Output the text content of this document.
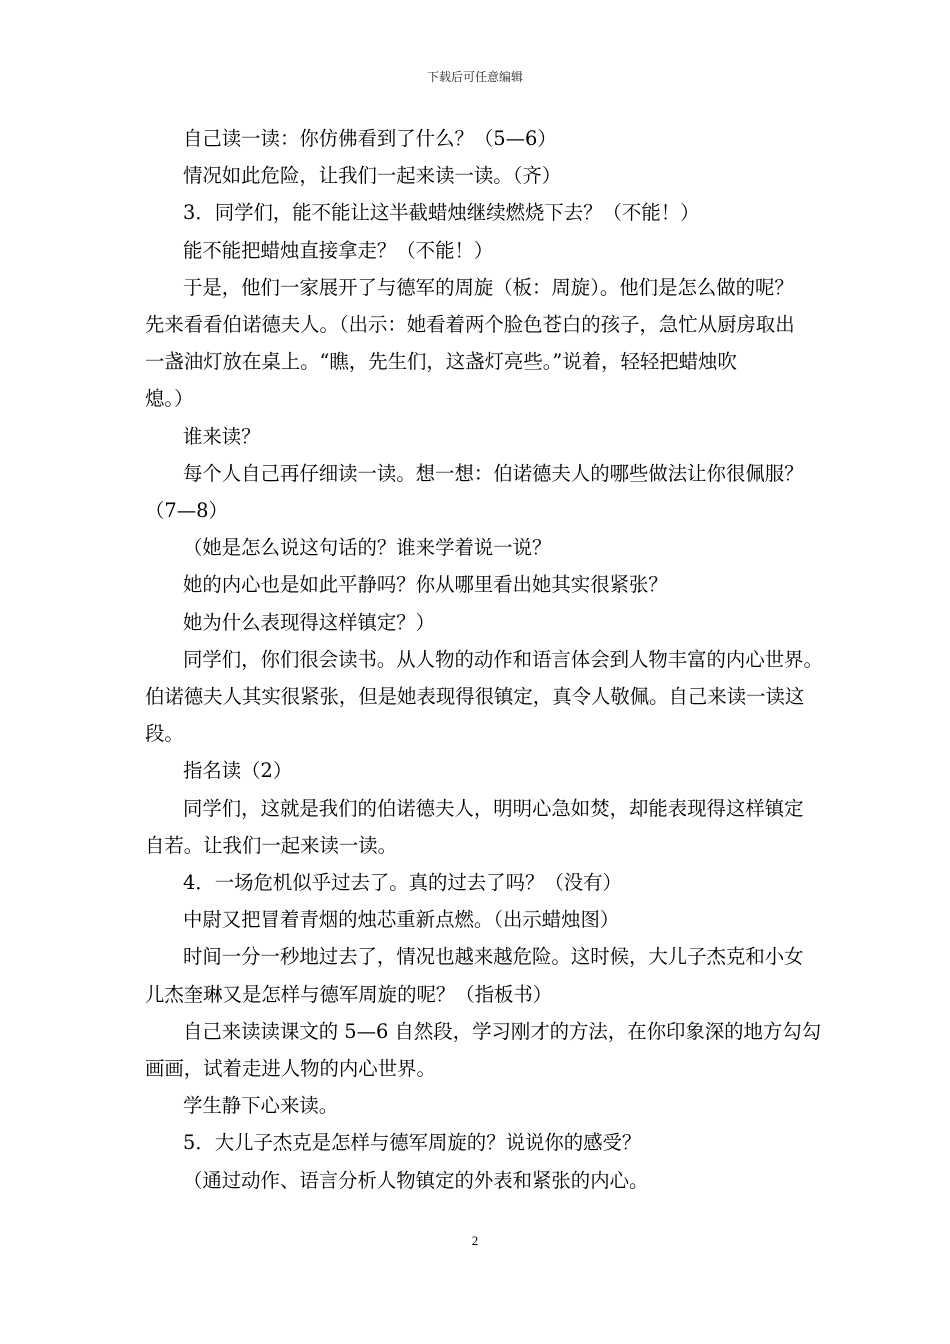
下载后可任意编辑

自己读一读：你仿佛看到了什么？（5—6）

情况如此危险，让我们一起来读一读。（齐）

3．同学们，能不能让这半截蜡烛继续燃烧下去？（不能！）

能不能把蜡烛直接拿走？（不能！）

于是，他们一家展开了与德军的周旋（板：周旋）。他们是怎么做的呢？

先来看看伯诺德夫人。（出示：她看着两个脸色苍白的孩子，急忙从厨房取出

一盏油灯放在桌上。“瞧，先生们，这盏灯亮些。”说着，轻轻把蜡烛吹

熄。）

谁来读？

每个人自己再仔细读一读。想一想：伯诺德夫人的哪些做法让你很佩服？

（7—8）

（她是怎么说这句话的？谁来学着说一说？

她的内心也是如此平静吗？你从哪里看出她其实很紧张？

她为什么表现得这样镇定？）

同学们，你们很会读书。从人物的动作和语言体会到人物丰富的内心世界。

伯诺德夫人其实很紧张，但是她表现得很镇定，真令人敬佩。自己来读一读这

段。

指名读（2）

同学们，这就是我们的伯诺德夫人，明明心急如焚，却能表现得这样镇定

自若。让我们一起来读一读。

4．一场危机似乎过去了。真的过去了吗？（没有）

中尉又把冒着青烟的烛芯重新点燃。（出示蜡烛图）

时间一分一秒地过去了，情况也越来越危险。这时候，大儿子杰克和小女

儿杰奎琳又是怎样与德军周旋的呢？（指板书）

自己来读读课文的 5—6 自然段，学习刚才的方法，在你印象深的地方勾勾

画画，试着走进人物的内心世界。

学生静下心来读。

5．大儿子杰克是怎样与德军周旋的？说说你的感受？

（通过动作、语言分析人物镇定的外表和紧张的内心。

2
